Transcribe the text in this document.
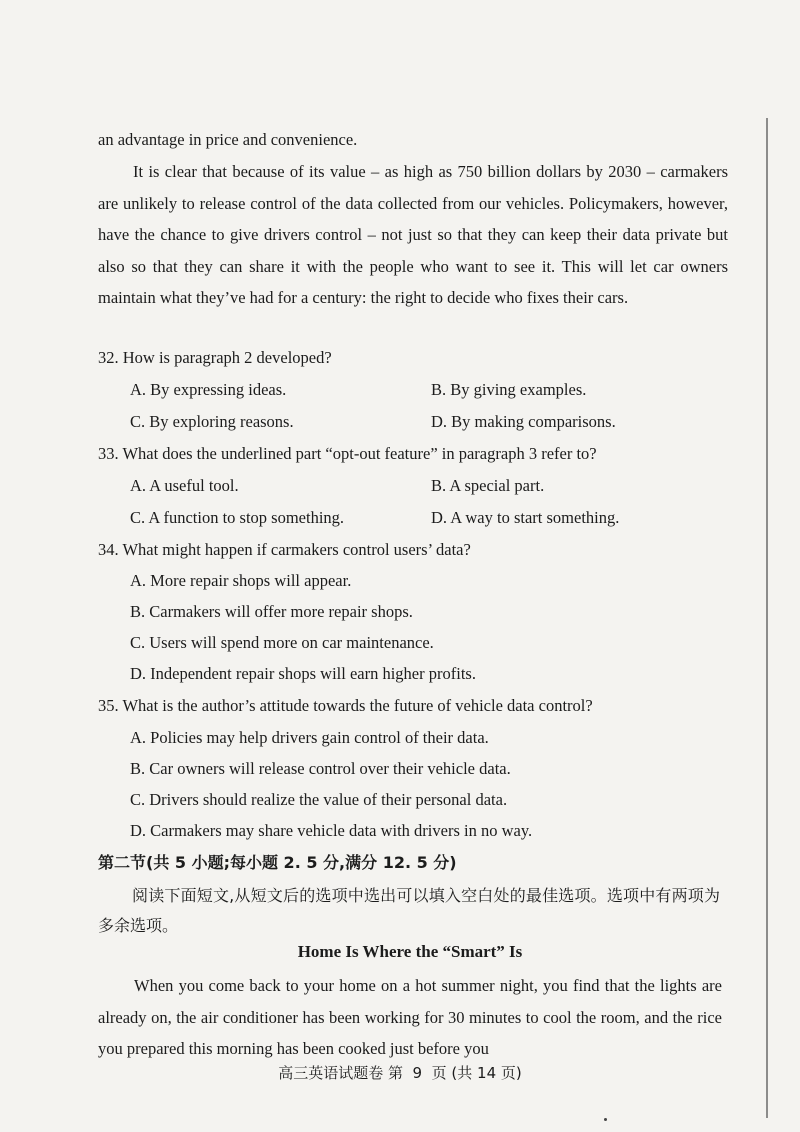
an advantage in price and convenience.
It is clear that because of its value – as high as 750 billion dollars by 2030 – carmakers are unlikely to release control of the data collected from our vehicles. Policymakers, however, have the chance to give drivers control – not just so that they can keep their data private but also so that they can share it with the people who want to see it. This will let car owners maintain what they’ve had for a century: the right to decide who fixes their cars.
32. How is paragraph 2 developed?
A. By expressing ideas.	B. By giving examples.
C. By exploring reasons.	D. By making comparisons.
33. What does the underlined part “opt-out feature” in paragraph 3 refer to?
A. A useful tool.	B. A special part.
C. A function to stop something.	D. A way to start something.
34. What might happen if carmakers control users’ data?
A. More repair shops will appear.
B. Carmakers will offer more repair shops.
C. Users will spend more on car maintenance.
D. Independent repair shops will earn higher profits.
35. What is the author’s attitude towards the future of vehicle data control?
A. Policies may help drivers gain control of their data.
B. Car owners will release control over their vehicle data.
C. Drivers should realize the value of their personal data.
D. Carmakers may share vehicle data with drivers in no way.
第二节(共 5 小题;每小题 2. 5 分,满分 12. 5 分)
阅读下面短文,从短文后的选项中选出可以填入空白处的最佳选项。选项中有两项为多余选项。
Home Is Where the “Smart” Is
When you come back to your home on a hot summer night, you find that the lights are already on, the air conditioner has been working for 30 minutes to cool the room, and the rice you prepared this morning has been cooked just before you
高三英语试题卷 第  9  页 (共 14 页)
